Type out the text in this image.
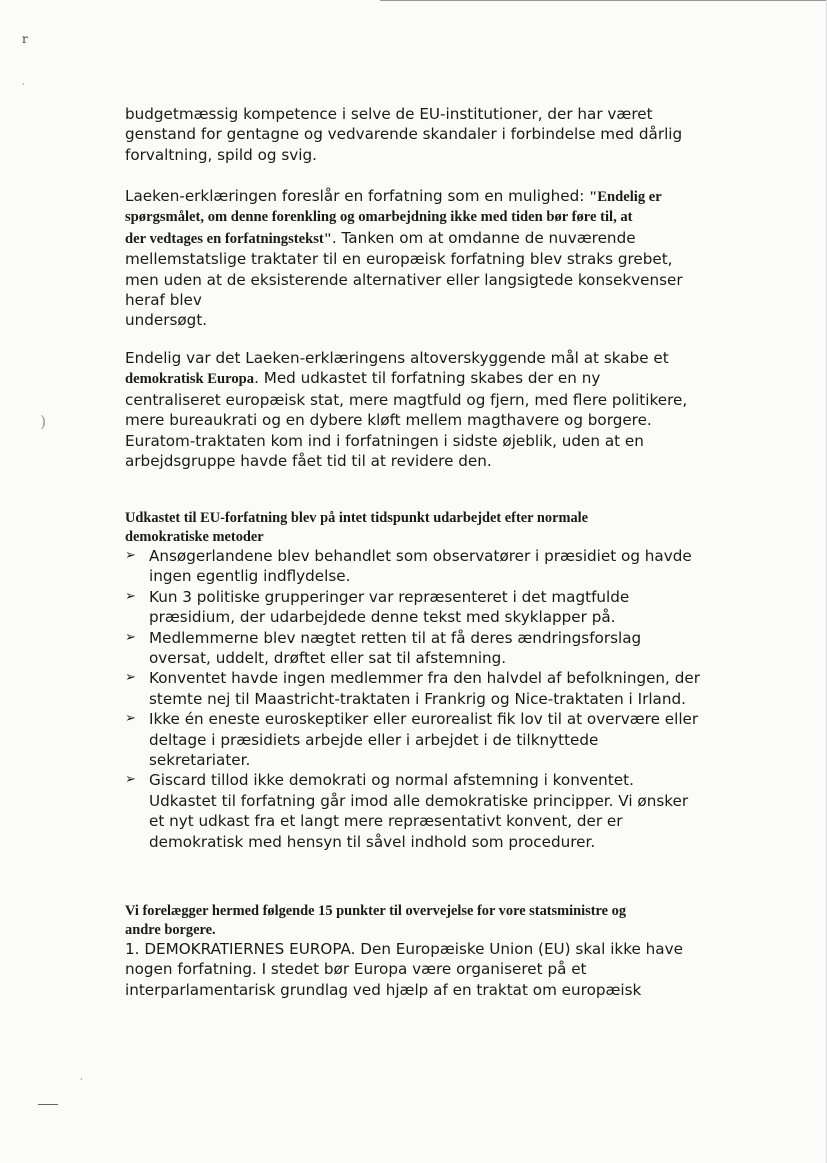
r
·
)
·
budgetmæssig kompetence i selve de EU-institutioner, der har været
genstand for gentagne og vedvarende skandaler i forbindelse med dårlig
forvaltning, spild og svig.
Laeken-erklæringen foreslår en forfatning som en mulighed: "Endelig er
spørgsmålet, om denne forenkling og omarbejdning ikke med tiden bør føre til, at
der vedtages en forfatningstekst". Tanken om at omdanne de nuværende
mellemstatslige traktater til en europæisk forfatning blev straks grebet,
men uden at de eksisterende alternativer eller langsigtede konsekvenser
heraf blev
undersøgt.
Endelig var det Laeken-erklæringens altoverskyggende mål at skabe et
demokratisk Europa. Med udkastet til forfatning skabes der en ny
centraliseret europæisk stat, mere magtfuld og fjern, med flere politikere,
mere bureaukrati og en dybere kløft mellem magthavere og borgere.
Euratom-traktaten kom ind i forfatningen i sidste øjeblik, uden at en
arbejdsgruppe havde fået tid til at revidere den.
Udkastet til EU-forfatning blev på intet tidspunkt udarbejdet efter normale
demokratiske metoder
➢ Ansøgerlandene blev behandlet som observatører i præsidiet og havde
ingen egentlig indflydelse.
➢ Kun 3 politiske grupperinger var repræsenteret i det magtfulde
præsidium, der udarbejdede denne tekst med skyklapper på.
➢ Medlemmerne blev nægtet retten til at få deres ændringsforslag
oversat, uddelt, drøftet eller sat til afstemning.
➢ Konventet havde ingen medlemmer fra den halvdel af befolkningen, der
stemte nej til Maastricht-traktaten i Frankrig og Nice-traktaten i Irland.
➢ Ikke én eneste euroskeptiker eller eurorealist fik lov til at overvære eller
deltage i præsidiets arbejde eller i arbejdet i de tilknyttede
sekretariater.
➢ Giscard tillod ikke demokrati og normal afstemning i konventet.
Udkastet til forfatning går imod alle demokratiske principper. Vi ønsker
et nyt udkast fra et langt mere repræsentativt konvent, der er
demokratisk med hensyn til såvel indhold som procedurer.
Vi forelægger hermed følgende 15 punkter til overvejelse for vore statsministre og
andre borgere.
1. DEMOKRATIERNES EUROPA. Den Europæiske Union (EU) skal ikke have
nogen forfatning. I stedet bør Europa være organiseret på et
interparlamentarisk grundlag ved hjælp af en traktat om europæisk
